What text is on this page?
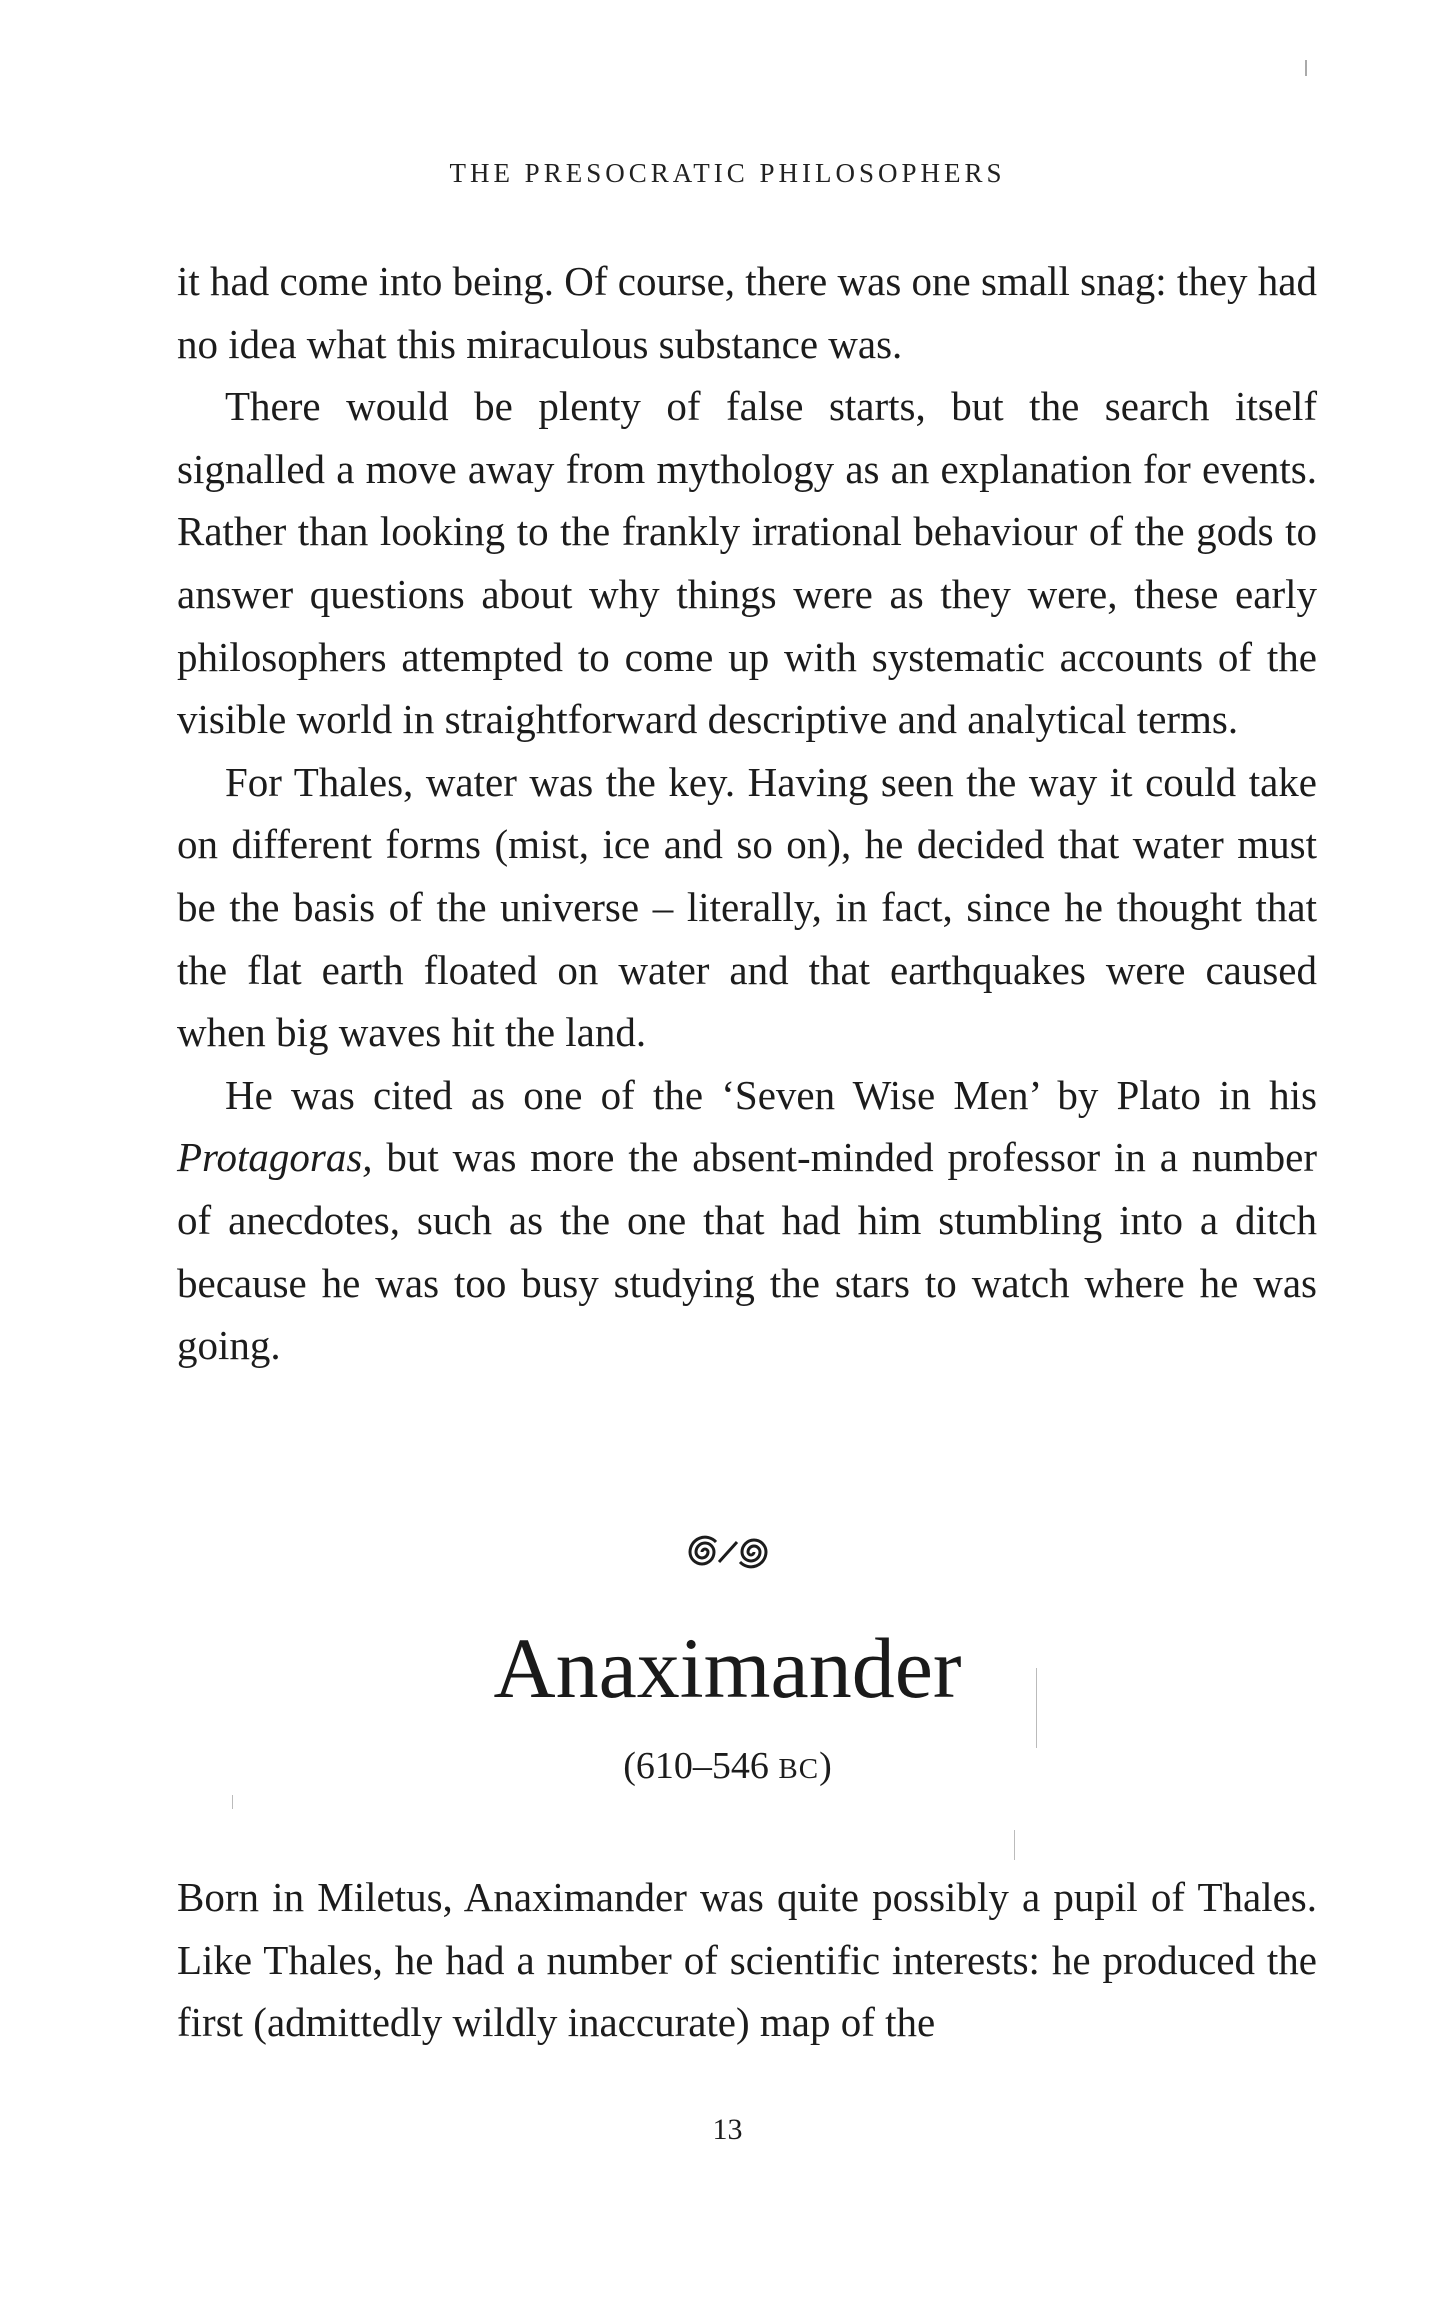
THE PRESOCRATIC PHILOSOPHERS

it had come into being. Of course, there was one small snag: they had no idea what this miraculous substance was.

There would be plenty of false starts, but the search itself signalled a move away from mythology as an explanation for events. Rather than looking to the frankly irrational behaviour of the gods to answer questions about why things were as they were, these early philosophers attempted to come up with systematic accounts of the visible world in straightforward descriptive and analytical terms.

For Thales, water was the key. Having seen the way it could take on different forms (mist, ice and so on), he decided that water must be the basis of the universe – literally, in fact, since he thought that the flat earth floated on water and that earthquakes were caused when big waves hit the land.

He was cited as one of the ‘Seven Wise Men’ by Plato in his Protagoras, but was more the absent-minded professor in a number of anecdotes, such as the one that had him stumbling into a ditch because he was too busy studying the stars to watch where he was going.

Anaximander
(610–546 BC)

Born in Miletus, Anaximander was quite possibly a pupil of Thales. Like Thales, he had a number of scientific interests: he produced the first (admittedly wildly inaccurate) map of the

13
